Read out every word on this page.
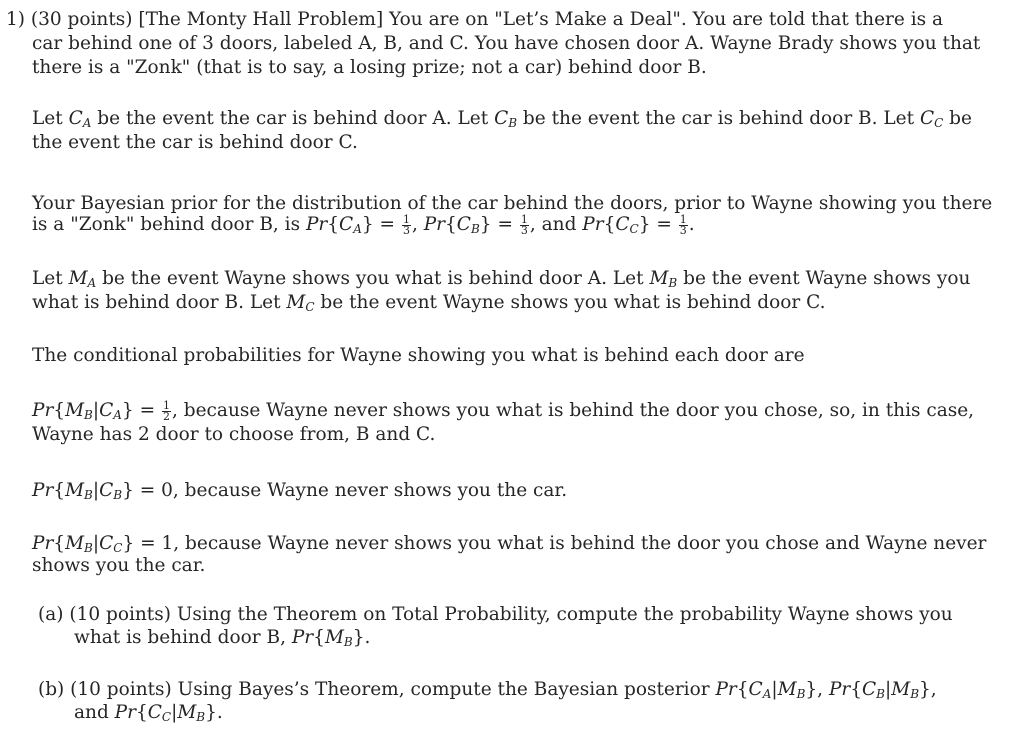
1) (30 points) [The Monty Hall Problem] You are on "Let’s Make a Deal". You are told that there is a
car behind one of 3 doors, labeled A, B, and C. You have chosen door A. Wayne Brady shows you that
there is a "Zonk" (that is to say, a losing prize; not a car) behind door B.
Let $C_A$ be the event the car is behind door A. Let $C_B$ be the event the car is behind door B. Let $C_C$ be
the event the car is behind door C.
Your Bayesian prior for the distribution of the car behind the doors, prior to Wayne showing you there
is a "Zonk" behind door B, is $Pr\{C_A\} = \frac{1}{3}$ , $Pr\{C_B\} = \frac{1}{3}$ , and $Pr\{C_C\} = \frac{1}{3}$ .
Let $M_A$ be the event Wayne shows you what is behind door A. Let $M_B$ be the event Wayne shows you
what is behind door B. Let $M_C$ be the event Wayne shows you what is behind door C.
The conditional probabilities for Wayne showing you what is behind each door are
$Pr\{M_B|C_A\} = \frac{1}{2}$ , because Wayne never shows you what is behind the door you chose, so, in this case,
Wayne has 2 door to choose from, B and C.
$Pr\{M_B|C_B\} = 0$, because Wayne never shows you the car.
$Pr\{M_B|C_C\} = 1$, because Wayne never shows you what is behind the door you chose and Wayne never
shows you the car.
(a) (10 points) Using the Theorem on Total Probability, compute the probability Wayne shows you
what is behind door B, $Pr\{M_B\}$.
(b) (10 points) Using Bayes’s Theorem, compute the Bayesian posterior $Pr\{C_A|M_B\}$, $Pr\{C_B|M_B\}$,
and $Pr\{C_C|M_B\}$.
